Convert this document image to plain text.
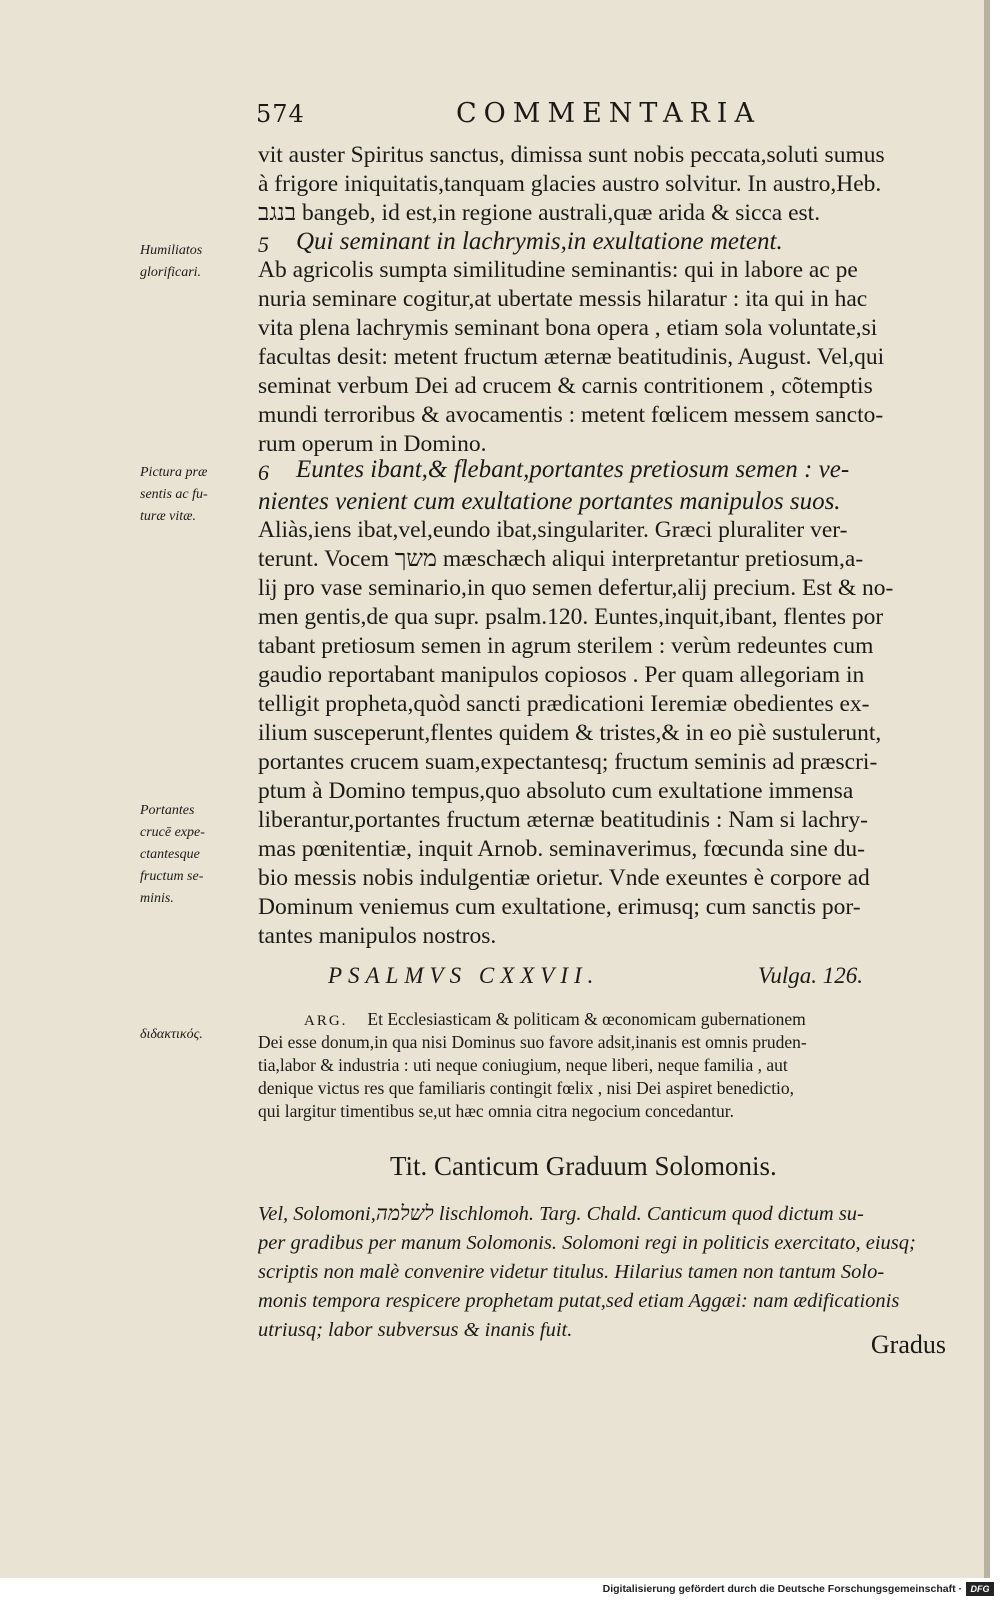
574	COMMENTARIA
vit auster Spiritus sanctus, dimissa sunt nobis peccata,soluti sumus
à frigore iniquitatis,tanquam glacies austro solvitur. In austro,Heb.
בנגב bangeb, id est,in regione australi,quæ arida & sicca est.
Humiliatos
glorificari.
5 Qui seminant in lachrymis,in exultatione metent.
Ab agricolis sumpta similitudine seminantis: qui in labore ac pe
nuria seminare cogitur,at ubertate messis hilaratur : ita qui in hac
vita plena lachrymis seminant bona opera , etiam sola voluntate,si
facultas desit: metent fructum æternæ beatitudinis, August. Vel,qui
seminat verbum Dei ad crucem & carnis contritionem , cõtemptis
mundi terroribus & avocamentis : metent fœlicem messem sancto-
rum operum in Domino.
Pictura præ
sentis ac fu-
turæ vitæ.
6 Euntes ibant,& flebant,portantes pretiosum semen : ve-
nientes venient cum exultatione portantes manipulos suos.
Aliàs,iens ibat,vel,eundo ibat,singulariter. Græci pluraliter ver-
terunt. Vocem משך mæschæch aliqui interpretantur pretiosum,a-
lij pro vase seminario,in quo semen defertur,alij precium. Est & no-
men gentis,de qua supr. psalm.120. Euntes,inquit,ibant, flentes por
tabant pretiosum semen in agrum sterilem : verùm redeuntes cum
gaudio reportabant manipulos copiosos . Per quam allegoriam in
telligit propheta,quòd sancti prædicationi Ieremiæ obedientes ex-
ilium susceperunt,flentes quidem & tristes,& in eo piè sustulerunt,
portantes crucem suam,expectantesq; fructum seminis ad præscri-
ptum à Domino tempus,quo absoluto cum exultatione immensa
liberantur,portantes fructum æternæ beatitudinis : Nam si lachry-
mas pœnitentiæ, inquit Arnob. seminaverimus, fœcunda sine du-
bio messis nobis indulgentiæ orietur. Vnde exeuntes è corpore ad
Dominum veniemus cum exultatione, erimusq; cum sanctis por-
tantes manipulos nostros.
Portantes
crucē expe-
ctantesque
fructum se-
minis.
PSALMVS CXXVII.	Vulga. 126.
διδακτικός.
ARG. Et Ecclesiasticam & politicam & œconomicam gubernationem
Dei esse donum,in qua nisi Dominus suo favore adsit,inanis est omnis pruden-
tia,labor & industria : uti neque coniugium, neque liberi, neque familia , aut
denique victus res que familiaris contingit fœlix , nisi Dei aspiret benedictio,
qui largitur timentibus se,ut hæc omnia citra negocium concedantur.
Tit. Canticum Graduum Solomonis.
Vel, Solomoni,לשלמה lischlomoh. Targ. Chald. Canticum quod dictum su-
per gradibus per manum Solomonis. Solomoni regi in politicis exercitato, eiusq;
scriptis non malè convenire videtur titulus. Hilarius tamen non tantum Solo-
monis tempora respicere prophetam putat,sed etiam Aggæi: nam ædificationis
utriusq; labor subversus & inanis fuit.	Gradus
Digitalisierung gefördert durch die Deutsche Forschungsgemeinschaft · DFG
